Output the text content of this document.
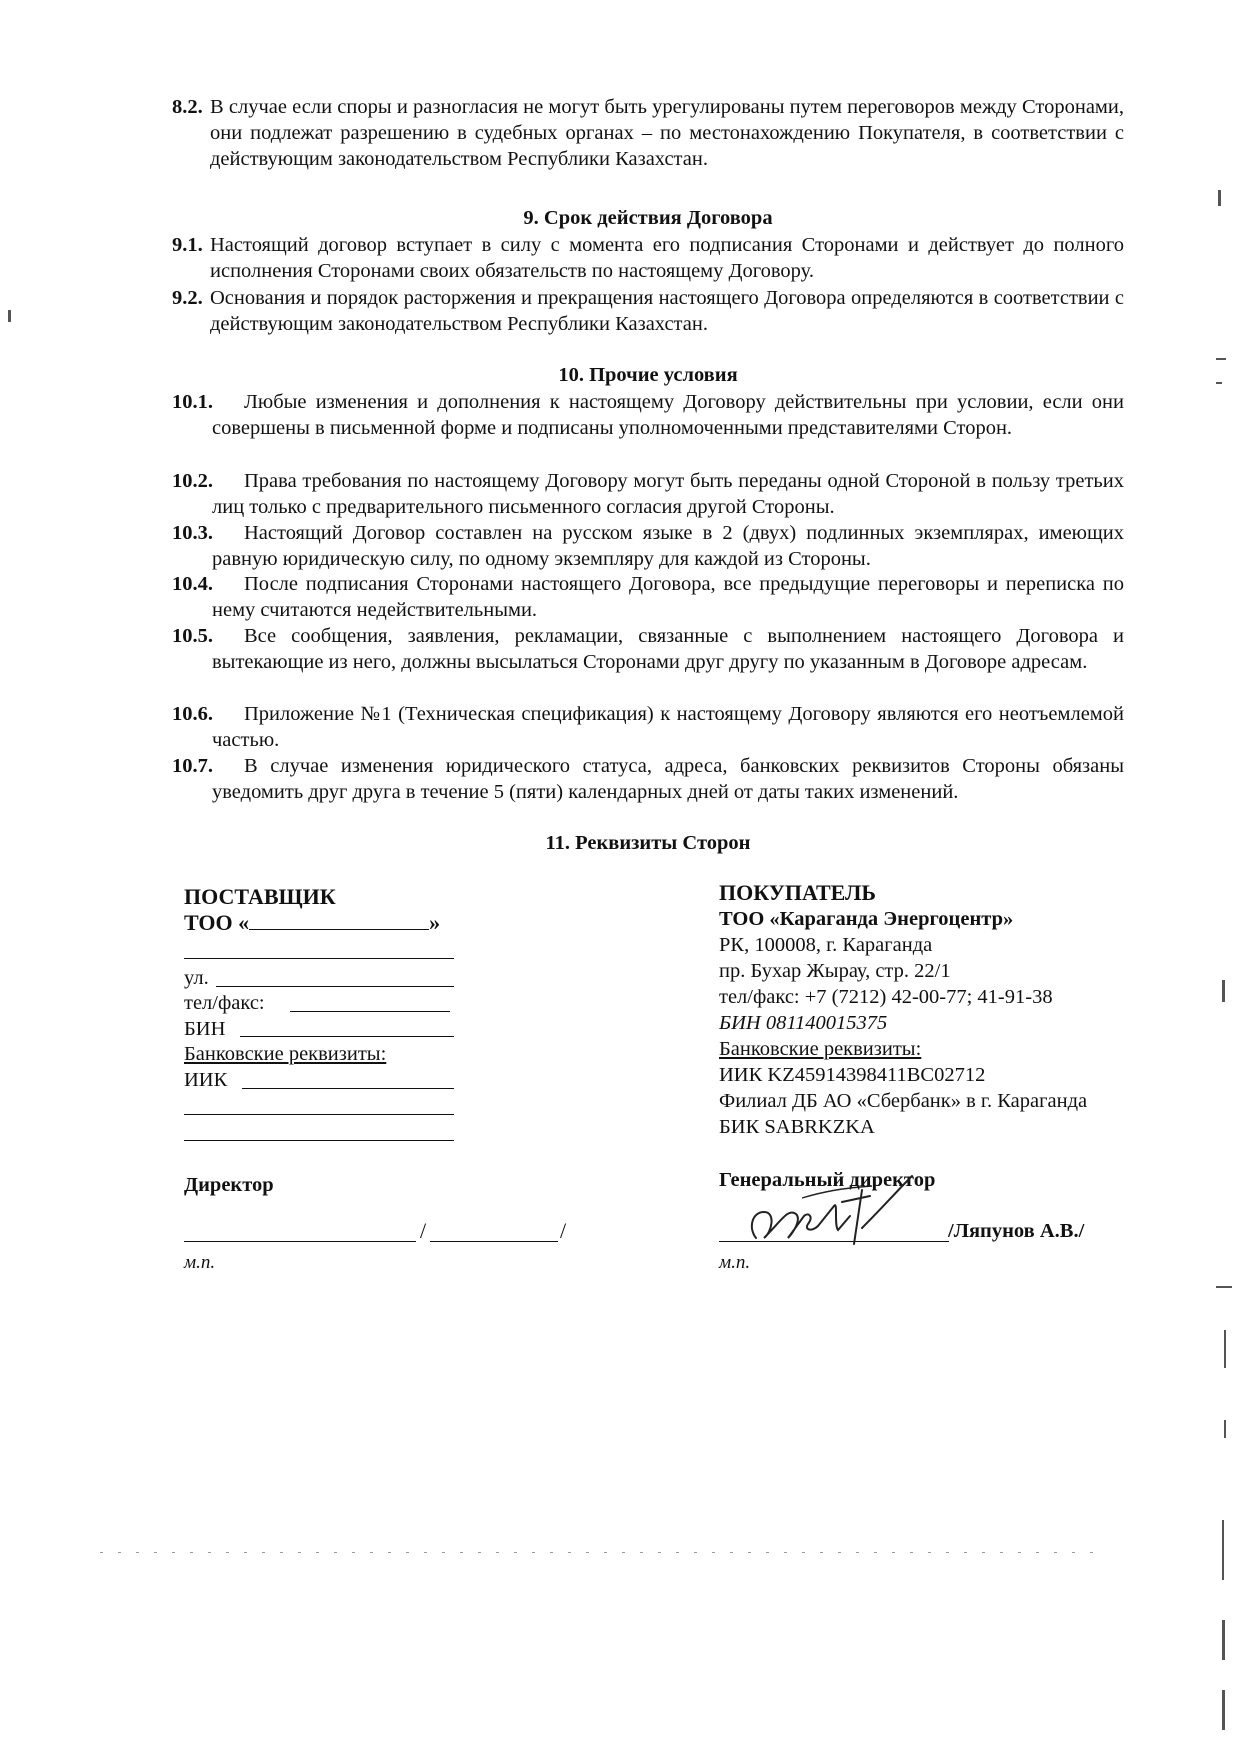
8.2. В случае если споры и разногласия не могут быть урегулированы путем переговоров между Сторонами, они подлежат разрешению в судебных органах – по местонахождению Покупателя, в соответствии с действующим законодательством Республики Казахстан.
9. Срок действия Договора
9.1. Настоящий договор вступает в силу с момента его подписания Сторонами и действует до полного исполнения Сторонами своих обязательств по настоящему Договору.
9.2. Основания и порядок расторжения и прекращения настоящего Договора определяются в соответствии с действующим законодательством Республики Казахстан.
10. Прочие условия
10.1.	Любые изменения и дополнения к настоящему Договору действительны при условии, если они совершены в письменной форме и подписаны уполномоченными представителями Сторон.
10.2.	Права требования по настоящему Договору могут быть переданы одной Стороной в пользу третьих лиц только с предварительного письменного согласия другой Стороны.
10.3.	Настоящий Договор составлен на русском языке в 2 (двух) подлинных экземплярах, имеющих равную юридическую силу, по одному экземпляру для каждой из Стороны.
10.4.	После подписания Сторонами настоящего Договора, все предыдущие переговоры и переписка по нему считаются недействительными.
10.5.	Все сообщения, заявления, рекламации, связанные с выполнением настоящего Договора и вытекающие из него, должны высылаться Сторонами друг другу по указанным в Договоре адресам.
10.6.	Приложение №1 (Техническая спецификация) к настоящему Договору являются его неотъемлемой частью.
10.7.	В случае изменения юридического статуса, адреса, банковских реквизитов Стороны обязаны уведомить друг друга в течение 5 (пяти) календарных дней от даты таких изменений.
11. Реквизиты Сторон
ПОСТАВЩИК
ТОО «	»
ул.
тел/факс:
БИН
Банковские реквизиты:
ИИК
Директор
/	/
м.п.
ПОКУПАТЕЛЬ
ТОО «Караганда Энергоцентр»
РК, 100008, г. Караганда
пр. Бухар Жырау, стр. 22/1
тел/факс: +7 (7212) 42-00-77; 41-91-38
БИН 081140015375
Банковские реквизиты:
ИИК KZ45914398411BC02712
Филиал ДБ АО «Сбербанк» в г. Караганда
БИК SABRKZKA
Генеральный директор
/Ляпунов А.В./
м.п.
